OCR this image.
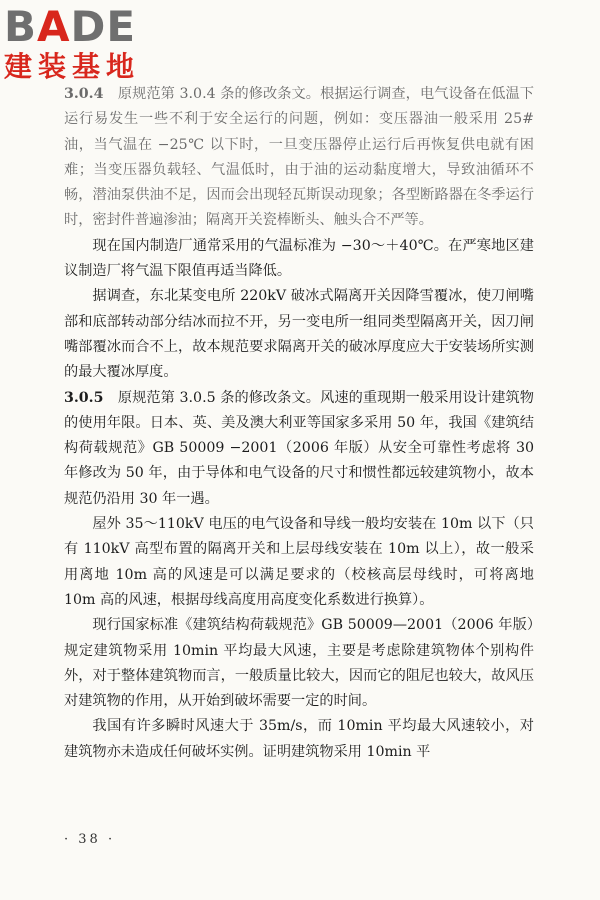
BADE
建装基地

3.0.4　 原规范第 3.0.4 条的修改条文。根据运行调查，电气设备在低温下运行易发生一些不利于安全运行的问题，例如：变压器油一般采用 25# 油，当气温在 −25℃ 以下时，一旦变压器停止运行后再恢复供电就有困难；当变压器负载轻、气温低时，由于油的运动黏度增大，导致油循环不畅，潜油泵供油不足，因而会出现轻瓦斯误动现象；各型断路器在冬季运行时，密封件普遍渗油；隔离开关瓷棒断头、触头合不严等。

现在国内制造厂通常采用的气温标准为 −30～＋40℃。在严寒地区建议制造厂将气温下限值再适当降低。

据调查，东北某变电所 220kV 破冰式隔离开关因降雪覆冰，使刀闸嘴部和底部转动部分结冰而拉不开，另一变电所一组同类型隔离开关，因刀闸嘴部覆冰而合不上，故本规范要求隔离开关的破冰厚度应大于安装场所实测的最大覆冰厚度。

3.0.5　 原规范第 3.0.5 条的修改条文。风速的重现期一般采用设计建筑物的使用年限。日本、英、美及澳大利亚等国家多采用 50 年，我国《建筑结构荷载规范》GB 50009 −2001（2006 年版）从安全可靠性考虑将 30 年修改为 50 年，由于导体和电气设备的尺寸和惯性都远较建筑物小，故本规范仍沿用 30 年一遇。

屋外 35～110kV 电压的电气设备和导线一般均安装在 10m 以下（只有 110kV 高型布置的隔离开关和上层母线安装在 10m 以上），故一般采用离地 10m 高的风速是可以满足要求的（校核高层母线时，可将离地 10m 高的风速，根据母线高度用高度变化系数进行换算）。

现行国家标准《建筑结构荷载规范》GB 50009—2001（2006 年版）规定建筑物采用 10min 平均最大风速，主要是考虑除建筑物体个别构件外，对于整体建筑物而言，一般质量比较大，因而它的阻尼也较大，故风压对建筑物的作用，从开始到破坏需要一定的时间。

我国有许多瞬时风速大于 35m/s，而 10min 平均最大风速较小，对建筑物亦未造成任何破坏实例。证明建筑物采用 10min 平

· 38 ·
